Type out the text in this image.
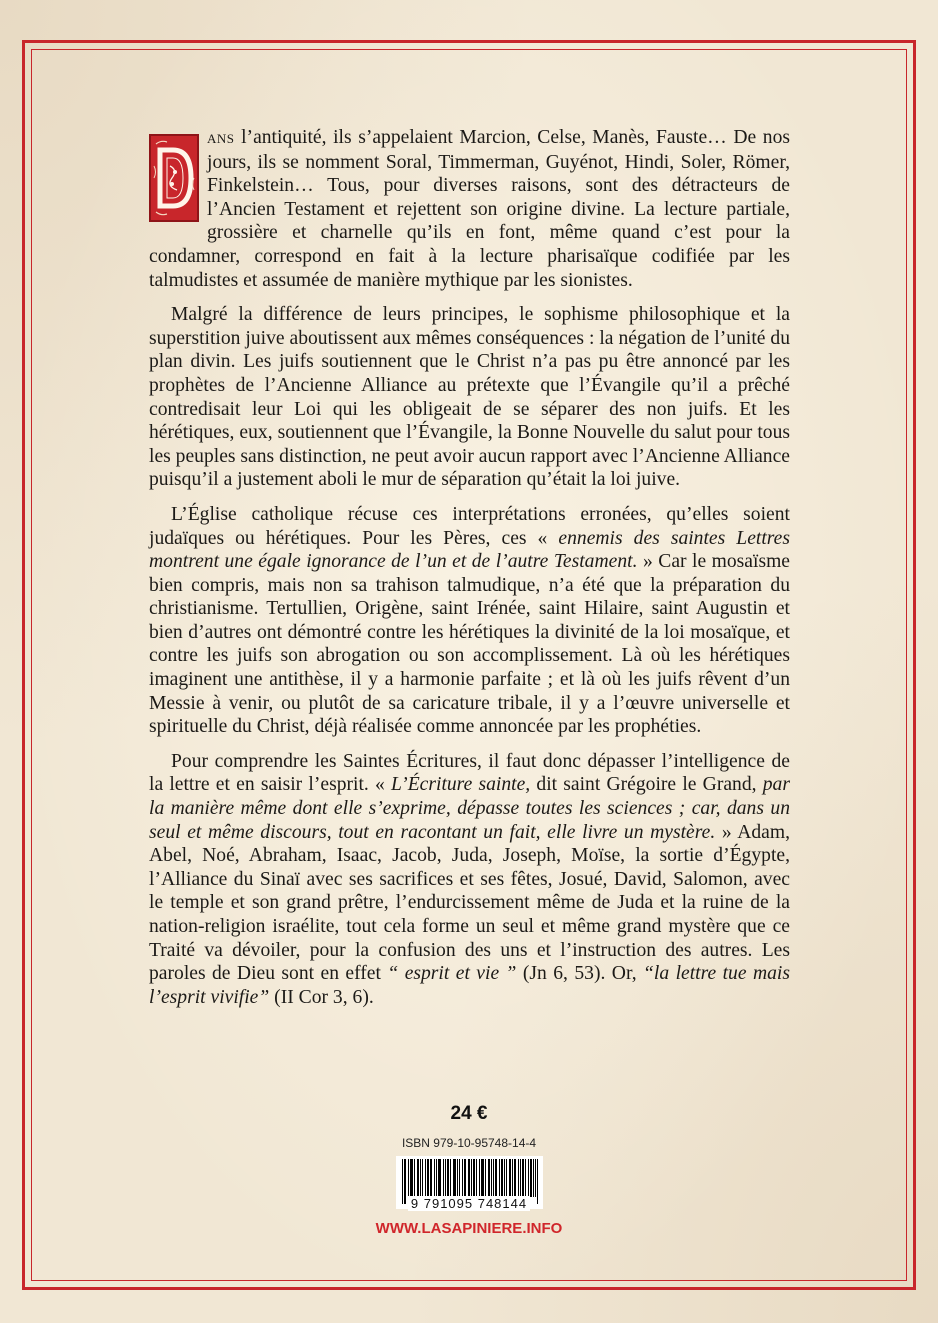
ANS l’antiquité, ils s’appelaient Marcion, Celse, Manès, Fauste… De nos jours, ils se nomment Soral, Timmerman, Guyénot, Hindi, Soler, Römer, Finkelstein… Tous, pour diverses raisons, sont des détracteurs de l’Ancien Testament et rejettent son origine divine. La lecture partiale, grossière et charnelle qu’ils en font, même quand c’est pour la condamner, correspond en fait à la lecture pharisaïque codifiée par les talmudistes et assumée de manière mythique par les sionistes.

Malgré la différence de leurs principes, le sophisme philosophique et la superstition juive aboutissent aux mêmes conséquences : la négation de l’unité du plan divin. Les juifs soutiennent que le Christ n’a pas pu être annoncé par les prophètes de l’Ancienne Alliance au prétexte que l’Évangile qu’il a prêché contredisait leur Loi qui les obligeait de se séparer des non juifs. Et les hérétiques, eux, soutiennent que l’Évangile, la Bonne Nouvelle du salut pour tous les peuples sans distinction, ne peut avoir aucun rapport avec l’Ancienne Alliance puisqu’il a justement aboli le mur de séparation qu’était la loi juive.

L’Église catholique récuse ces interprétations erronées, qu’elles soient judaïques ou hérétiques. Pour les Pères, ces « ennemis des saintes Lettres montrent une égale ignorance de l’un et de l’autre Testament. » Car le mosaïsme bien compris, mais non sa trahison talmudique, n’a été que la préparation du christianisme. Tertullien, Origène, saint Irénée, saint Hilaire, saint Augustin et bien d’autres ont démontré contre les hérétiques la divinité de la loi mosaïque, et contre les juifs son abrogation ou son accomplissement. Là où les hérétiques imaginent une antithèse, il y a harmonie parfaite ; et là où les juifs rêvent d’un Messie à venir, ou plutôt de sa caricature tribale, il y a l’œuvre universelle et spirituelle du Christ, déjà réalisée comme annoncée par les prophéties.

Pour comprendre les Saintes Écritures, il faut donc dépasser l’intelligence de la lettre et en saisir l’esprit. « L’Écriture sainte, dit saint Grégoire le Grand, par la manière même dont elle s’exprime, dépasse toutes les sciences ; car, dans un seul et même discours, tout en racontant un fait, elle livre un mystère. » Adam, Abel, Noé, Abraham, Isaac, Jacob, Juda, Joseph, Moïse, la sortie d’Égypte, l’Alliance du Sinaï avec ses sacrifices et ses fêtes, Josué, David, Salomon, avec le temple et son grand prêtre, l’endurcissement même de Juda et la ruine de la nation-religion israélite, tout cela forme un seul et même grand mystère que ce Traité va dévoiler, pour la confusion des uns et l’instruction des autres. Les paroles de Dieu sont en effet “ esprit et vie ” (Jn 6, 53). Or, “la lettre tue mais l’esprit vivifie” (II Cor 3, 6).

24 €
ISBN 979-10-95748-14-4
9 791095 748144
WWW.LASAPINIERE.INFO
